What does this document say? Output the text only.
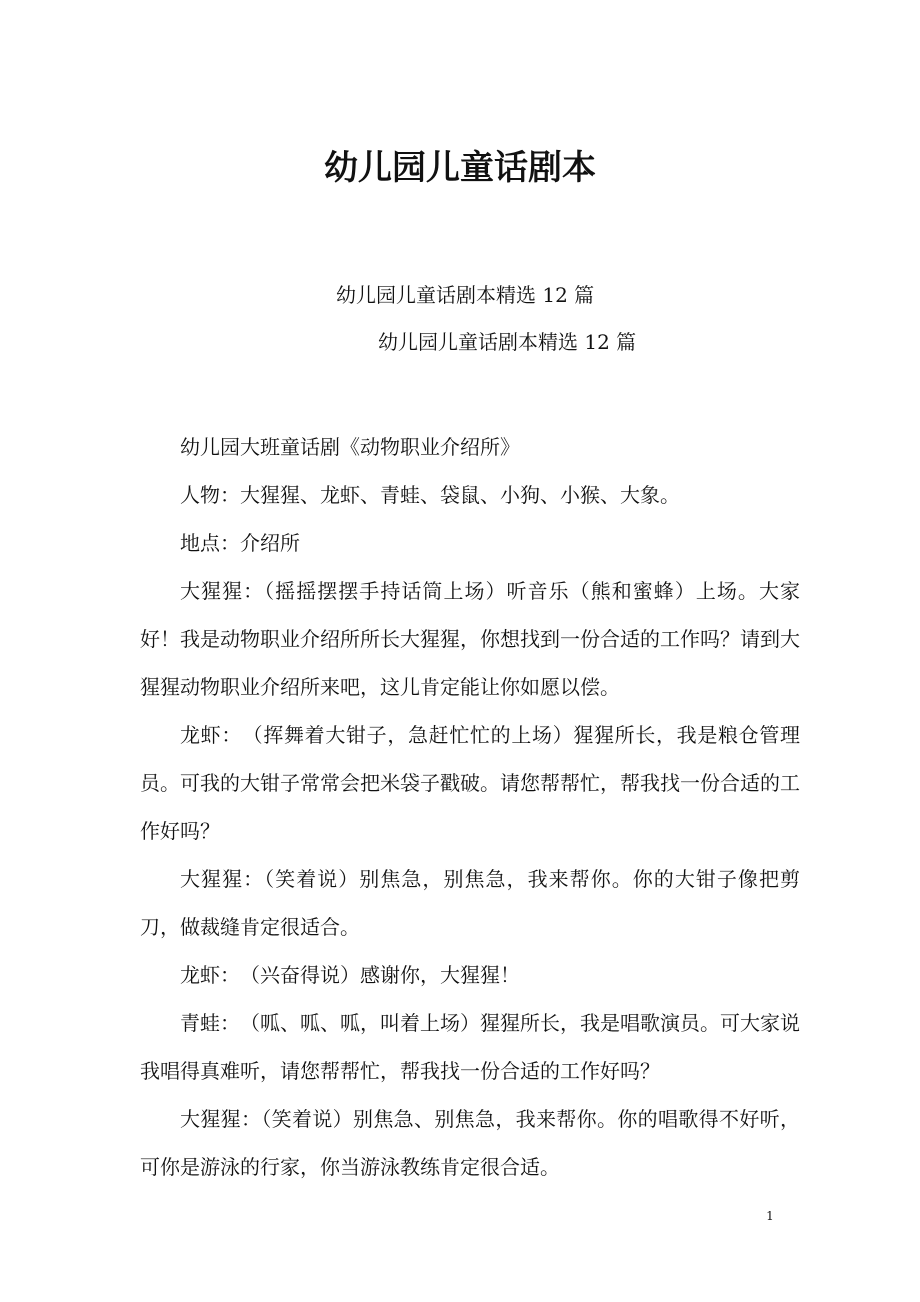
幼儿园儿童话剧本
幼儿园儿童话剧本精选 12 篇
幼儿园儿童话剧本精选 12 篇

幼儿园大班童话剧《动物职业介绍所》

人物：大猩猩、龙虾、青蛙、袋鼠、小狗、小猴、大象。

地点：介绍所

大猩猩：（摇摇摆摆手持话筒上场）听音乐（熊和蜜蜂）上场。大家好！我是动物职业介绍所所长大猩猩，你想找到一份合适的工作吗？请到大猩猩动物职业介绍所来吧，这儿肯定能让你如愿以偿。

龙虾：　（挥舞着大钳子，急赶忙忙的上场）猩猩所长，我是粮仓管理员。可我的大钳子常常会把米袋子戳破。请您帮帮忙，帮我找一份合适的工作好吗？

大猩猩：（笑着说）别焦急，别焦急，我来帮你。你的大钳子像把剪刀，做裁缝肯定很适合。

龙虾：　（兴奋得说）感谢你，大猩猩！

青蛙：　（呱、呱、呱，叫着上场）猩猩所长，我是唱歌演员。可大家说我唱得真难听，请您帮帮忙，帮我找一份合适的工作好吗？

大猩猩：（笑着说）别焦急、别焦急，我来帮你。你的唱歌得不好听，可你是游泳的行家，你当游泳教练肯定很合适。

1
